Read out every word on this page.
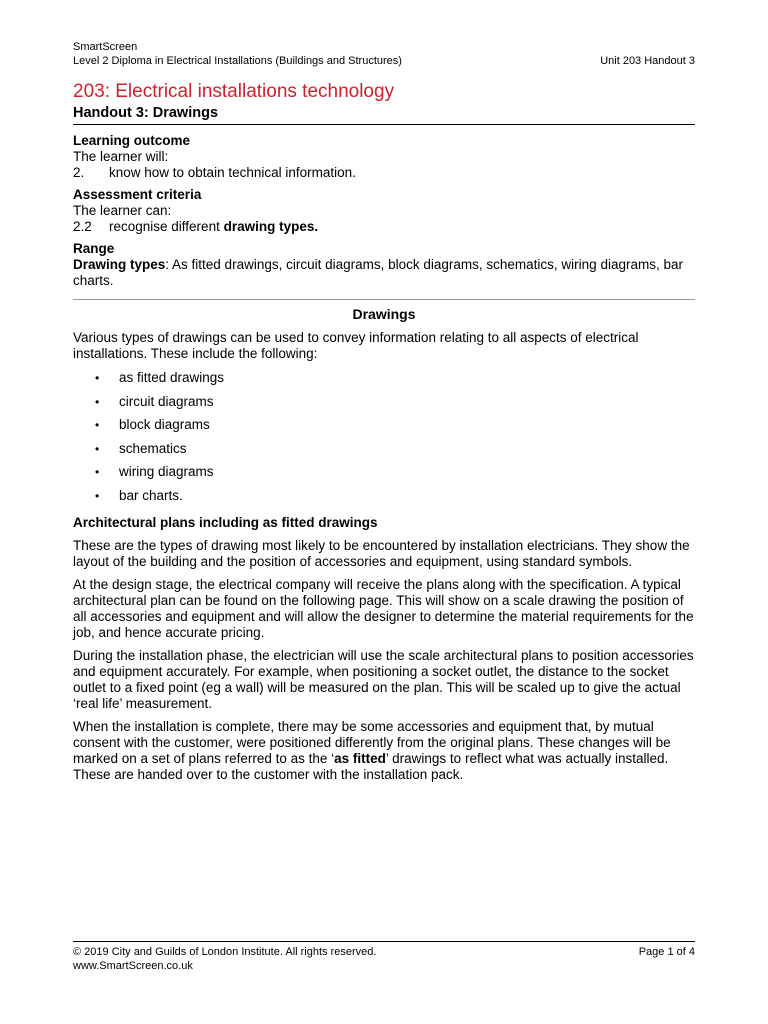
SmartScreen
Level 2 Diploma in Electrical Installations (Buildings and Structures)	Unit 203 Handout 3
203: Electrical installations technology
Handout 3: Drawings
Learning outcome
The learner will:
2.	know how to obtain technical information.
Assessment criteria
The learner can:
2.2	recognise different drawing types.
Range
Drawing types: As fitted drawings, circuit diagrams, block diagrams, schematics, wiring diagrams, bar charts.
Drawings

Various types of drawings can be used to convey information relating to all aspects of electrical installations. These include the following:

•	as fitted drawings
•	circuit diagrams
•	block diagrams
•	schematics
•	wiring diagrams
•	bar charts.
Architectural plans including as fitted drawings

These are the types of drawing most likely to be encountered by installation electricians. They show the layout of the building and the position of accessories and equipment, using standard symbols.

At the design stage, the electrical company will receive the plans along with the specification. A typical architectural plan can be found on the following page. This will show on a scale drawing the position of all accessories and equipment and will allow the designer to determine the material requirements for the job, and hence accurate pricing.

During the installation phase, the electrician will use the scale architectural plans to position accessories and equipment accurately. For example, when positioning a socket outlet, the distance to the socket outlet to a fixed point (eg a wall) will be measured on the plan. This will be scaled up to give the actual ‘real life’ measurement.

When the installation is complete, there may be some accessories and equipment that, by mutual consent with the customer, were positioned differently from the original plans. These changes will be marked on a set of plans referred to as the ‘as fitted’ drawings to reflect what was actually installed. These are handed over to the customer with the installation pack.

© 2019 City and Guilds of London Institute. All rights reserved.	Page 1 of 4
www.SmartScreen.co.uk
